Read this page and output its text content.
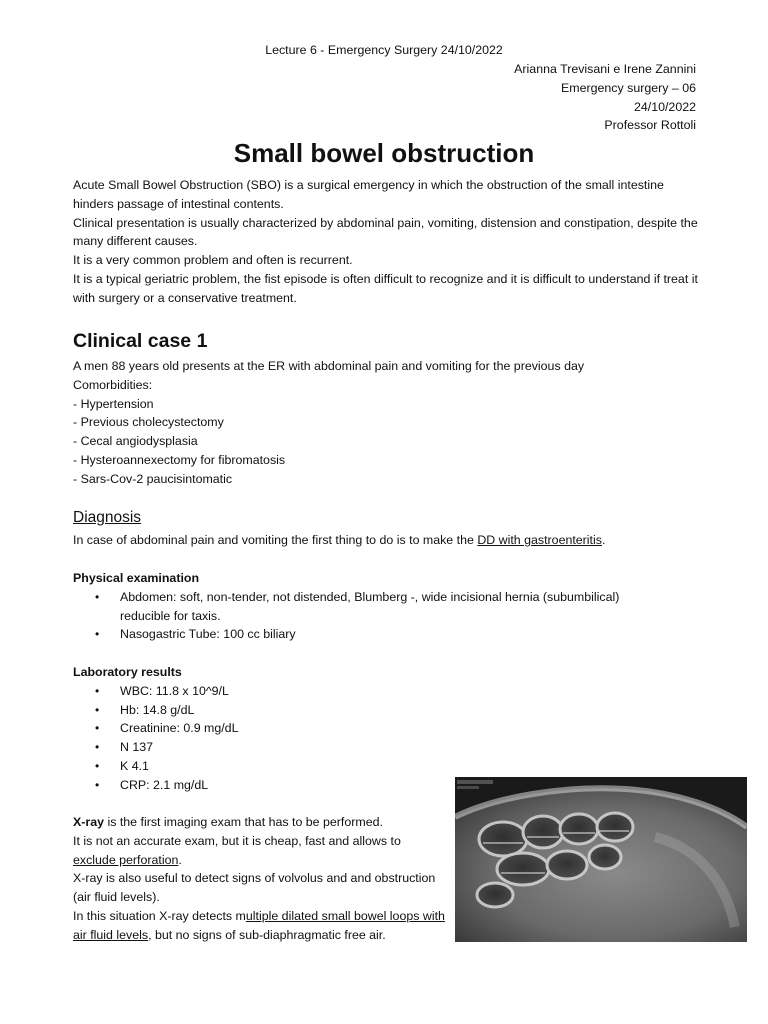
Lecture 6 - Emergency Surgery 24/10/2022
Arianna Trevisani e Irene Zannini
Emergency surgery – 06
24/10/2022
Professor Rottoli
Small bowel obstruction

Acute Small Bowel Obstruction (SBO) is a surgical emergency in which the obstruction of the small intestine hinders passage of intestinal contents.

Clinical presentation is usually characterized by abdominal pain, vomiting, distension and constipation, despite the many different causes.

It is a very common problem and often is recurrent.

It is a typical geriatric problem, the fist episode is often difficult to recognize and it is difficult to understand if treat it with surgery or a conservative treatment.

Clinical case 1

A men 88 years old presents at the ER with abdominal pain and vomiting for the previous day

Comorbidities:

- Hypertension

- Previous cholecystectomy

- Cecal angiodysplasia

- Hysteroannexectomy for fibromatosis

- Sars-Cov-2 paucisintomatic

Diagnosis

In case of abdominal pain and vomiting the first thing to do is to make the DD with gastroenteritis.

Physical examination

• Abdomen: soft, non-tender, not distended, Blumberg -, wide incisional hernia (subumbilical) reducible for taxis.
• Nasogastric Tube: 100 cc biliary

Laboratory results

• WBC: 11.8 x 10^9/L
• Hb: 14.8 g/dL
• Creatinine: 0.9 mg/dL
• N 137
• K 4.1
• CRP: 2.1 mg/dL

X-ray is the first imaging exam that has to be performed.

It is not an accurate exam, but it is cheap, fast and allows to

exclude perforation.

X-ray is also useful to detect signs of volvolus and and obstruction (air fluid levels).

In this situation X-ray detects multiple dilated small bowel loops with air fluid levels, but no signs of sub-diaphragmatic free air.
